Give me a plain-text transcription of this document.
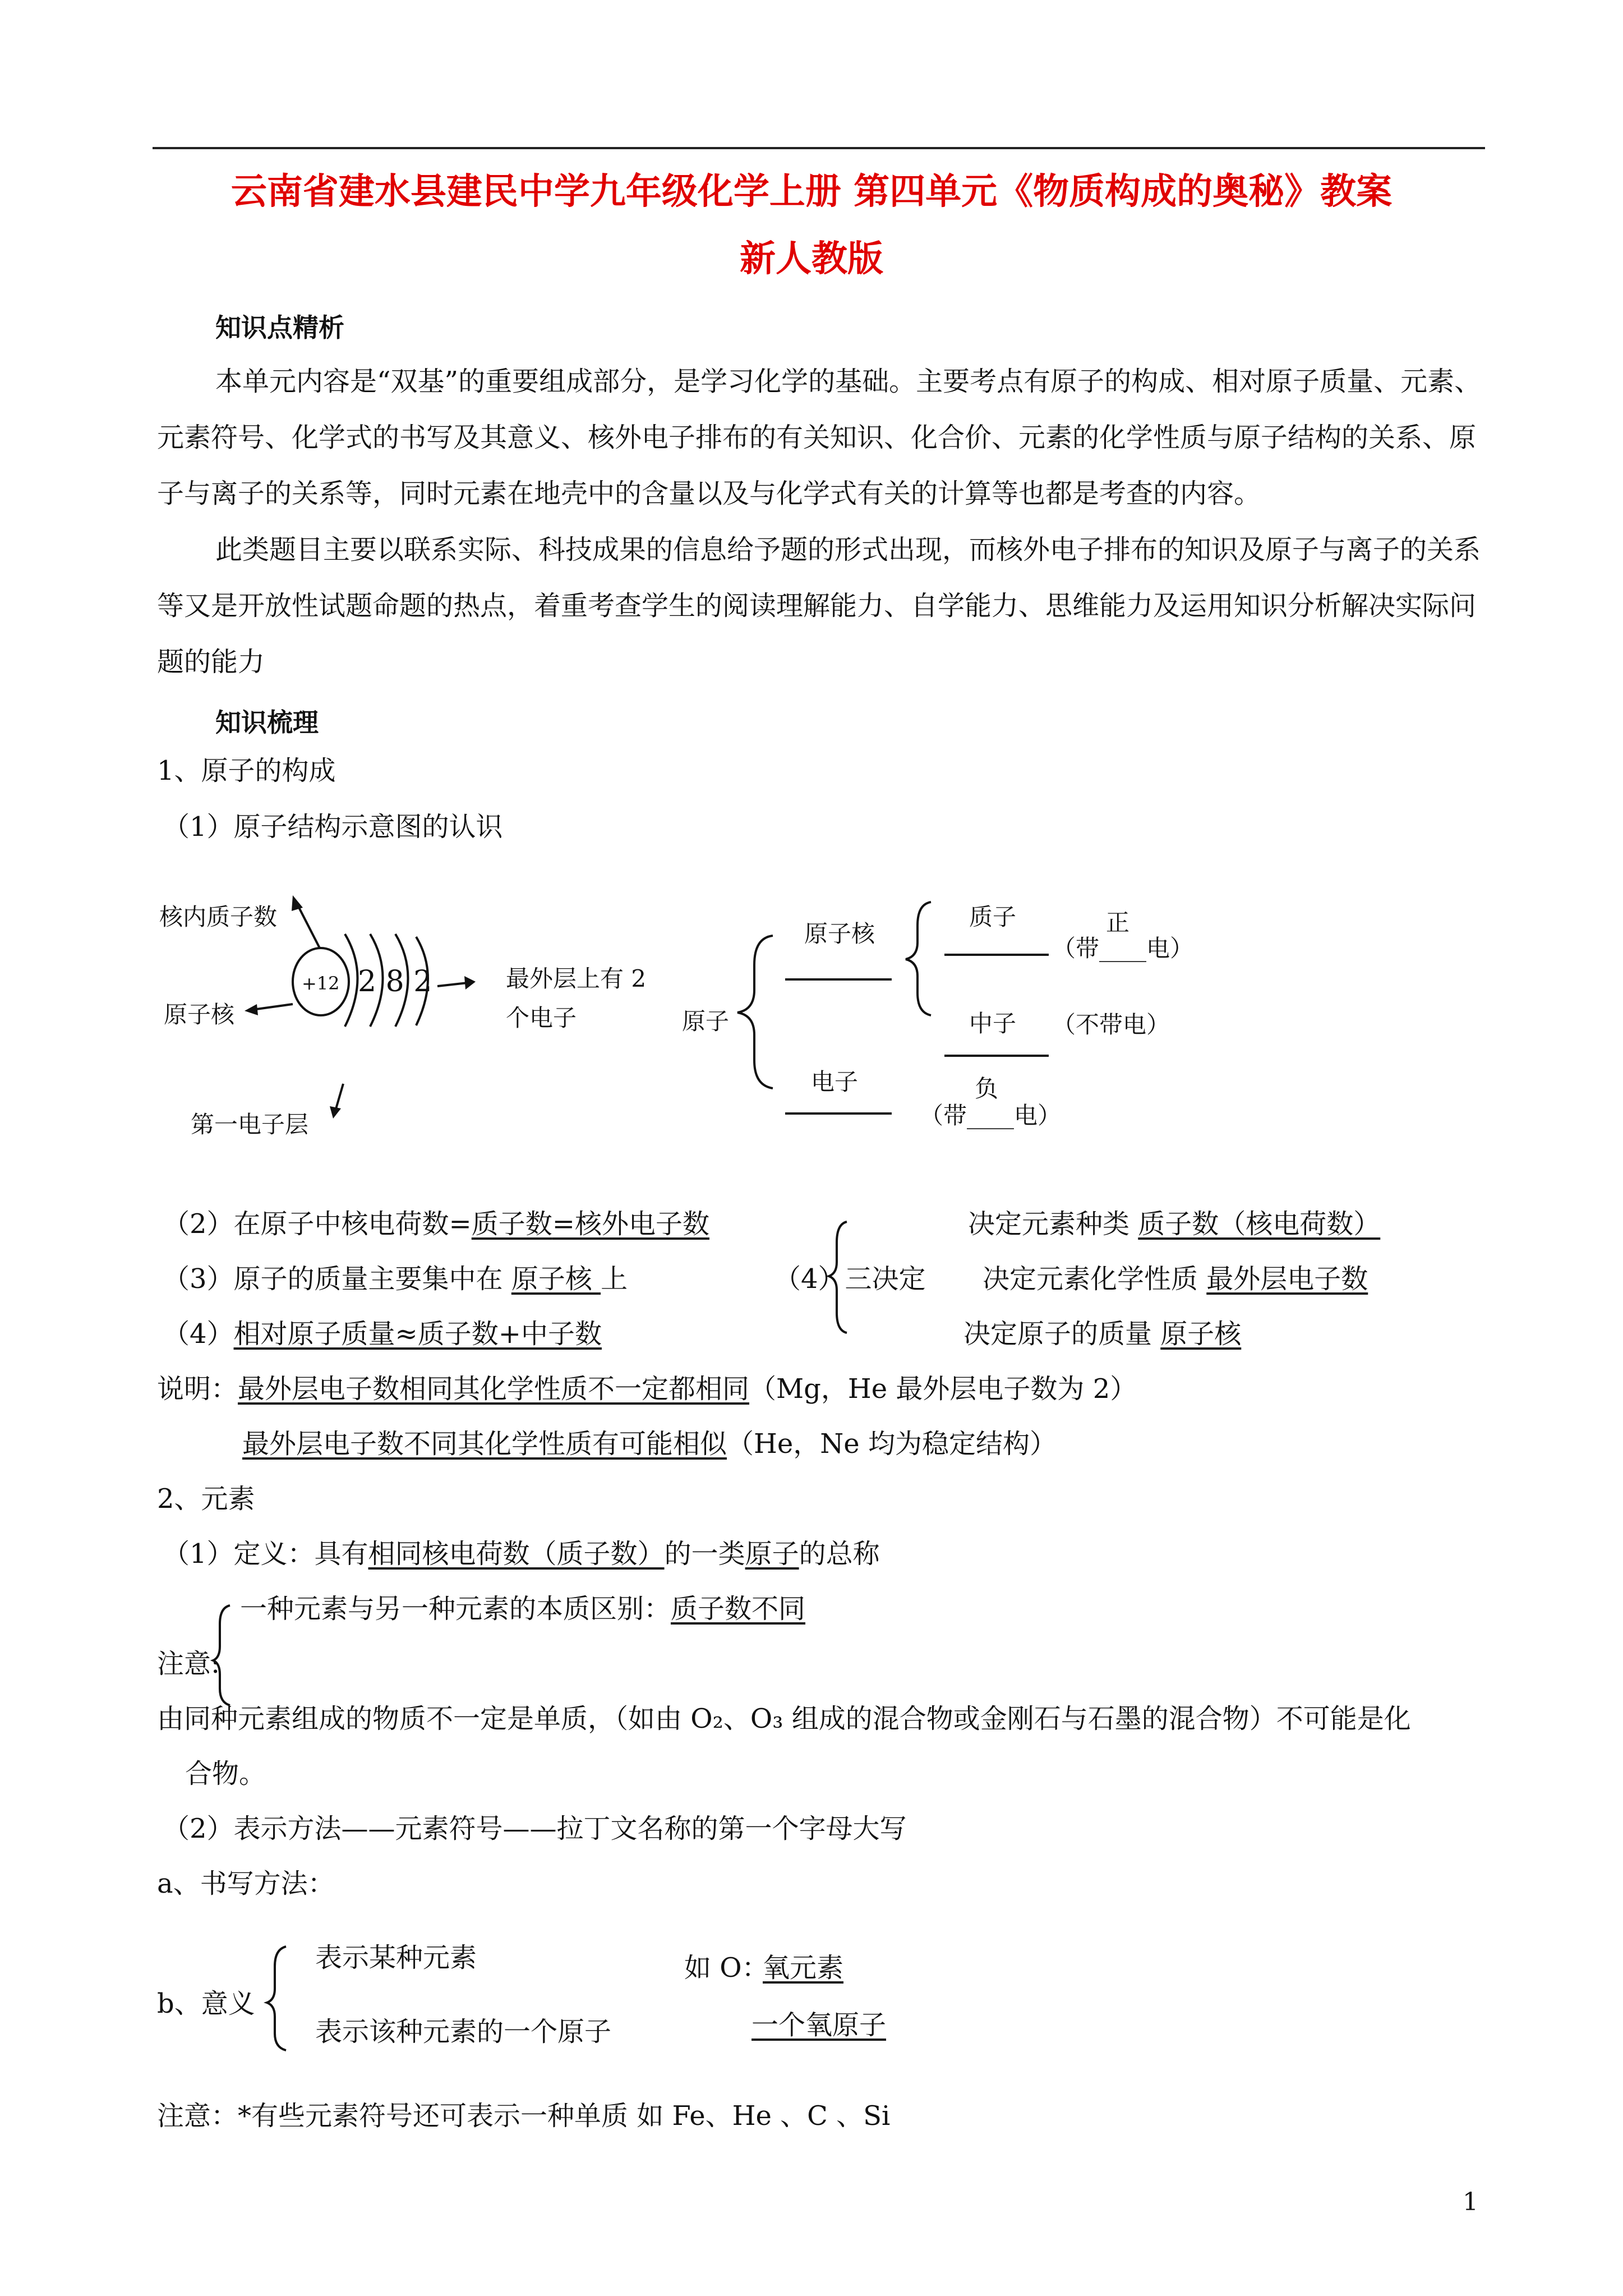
云南省建水县建民中学九年级化学上册 第四单元《物质构成的奥秘》教案
新人教版
知识点精析
本单元内容是“双基”的重要组成部分，是学习化学的基础。主要考点有原子的构成、相对原子质量、元素、元素符号、化学式的书写及其意义、核外电子排布的有关知识、化合价、元素的化学性质与原子结构的关系、原子与离子的关系等，同时元素在地壳中的含量以及与化学式有关的计算等也都是考查的内容。
此类题目主要以联系实际、科技成果的信息给予题的形式出现，而核外电子排布的知识及原子与离子的关系等又是开放性试题命题的热点，着重考查学生的阅读理解能力、自学能力、思维能力及运用知识分析解决实际问题的能力
知识梳理
1、原子的构成
（1）原子结构示意图的认识
核内质子数
原子核
第一电子层
+12 2 8 2	最外层上有 2
个电子	原子
原子核
电子
质子	正
（带____电）
中子 （不带电）
负
（带____电）
（2）在原子中核电荷数=质子数=核外电子数
（3）原子的质量主要集中在 原子核 上
（4）相对原子质量≈质子数+中子数
（4）三决定
决定元素种类 质子数（核电荷数）
决定元素化学性质 最外层电子数
决定原子的质量 原子核
说明：最外层电子数相同其化学性质不一定都相同（Mg，He 最外层电子数为 2）
最外层电子数不同其化学性质有可能相似（He，Ne 均为稳定结构）
2、元素
（1）定义：具有相同核电荷数（质子数）的一类原子的总称
一种元素与另一种元素的本质区别：质子数不同
注意:
由同种元素组成的物质不一定是单质，（如由 O₂、O₃ 组成的混合物或金刚石与石墨的混合物）不可能是化
合物。
（2）表示方法——元素符号——拉丁文名称的第一个字母大写
a、书写方法：
b、意义
表示某种元素
表示该种元素的一个原子
如 O：
氧元素
一个氧原子
注意：*有些元素符号还可表示一种单质 如 Fe、He 、C 、Si
1
